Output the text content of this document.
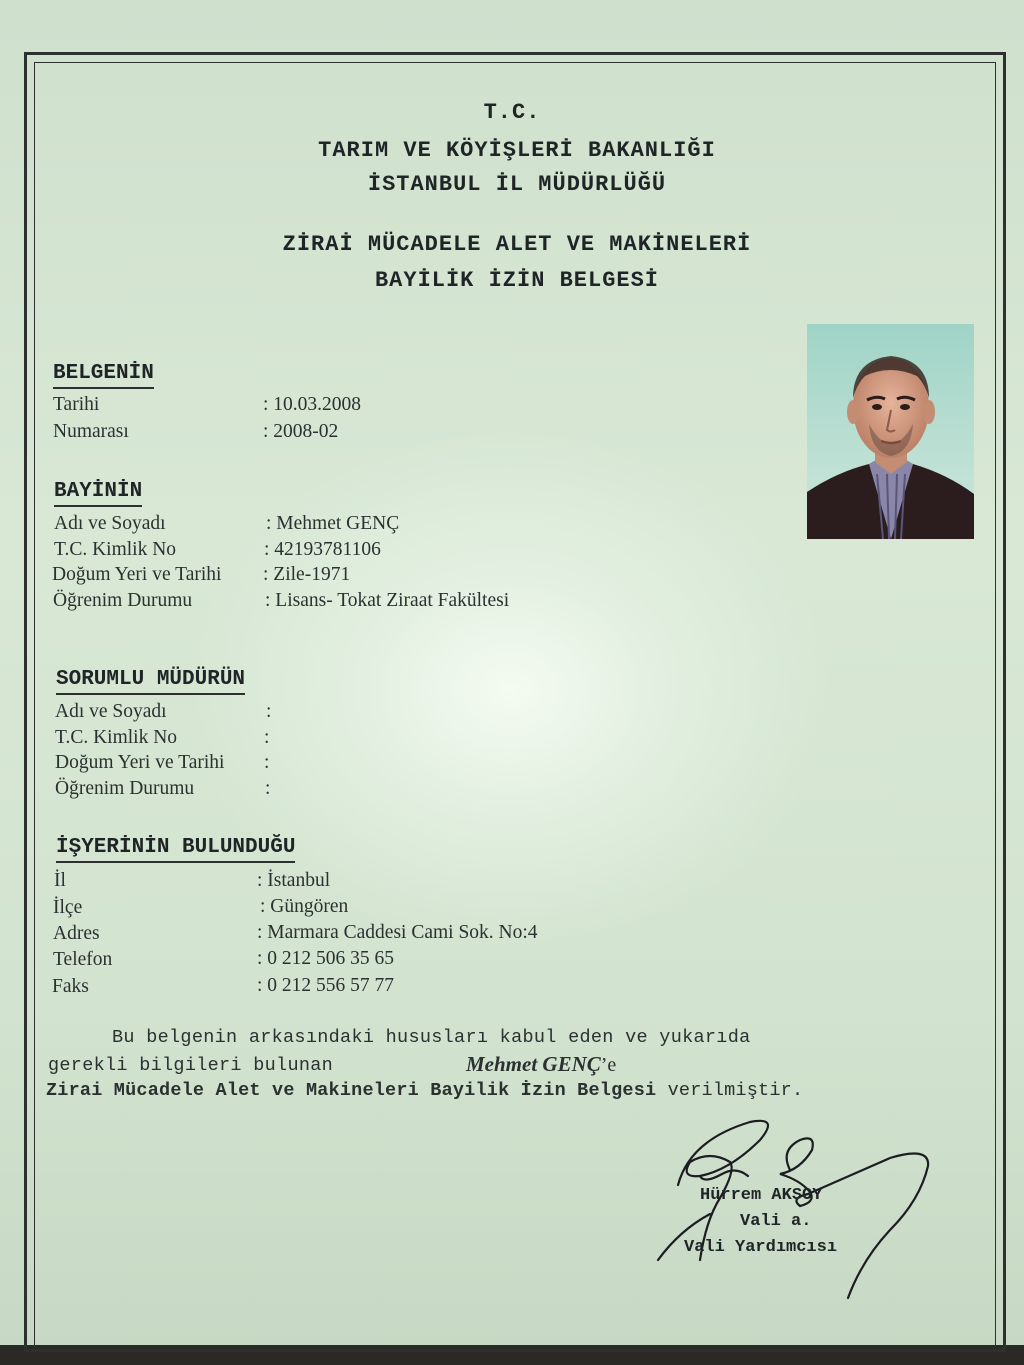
T.C.
TARIM VE KÖYİŞLERİ BAKANLIĞI
İSTANBUL İL MÜDÜRLÜĞÜ
ZİRAİ MÜCADELE ALET VE MAKİNELERİ
BAYİLİK İZİN BELGESİ
BELGENİN
Tarihi	: 10.03.2008
Numarası	: 2008-02
BAYİNİN
Adı ve Soyadı	: Mehmet GENÇ
T.C. Kimlik No	: 42193781106
Doğum Yeri ve Tarihi : Zile-1971
Öğrenim Durumu	: Lisans- Tokat Ziraat Fakültesi
SORUMLU MÜDÜRÜN
Adı ve Soyadı	:
T.C. Kimlik No	:
Doğum Yeri ve Tarihi :
Öğrenim Durumu	:
İŞYERİNİN BULUNDUĞU
İl	: İstanbul
İlçe	: Güngören
Adres	: Marmara Caddesi Cami Sok. No:4
Telefon	: 0 212 506 35 65
Faks	: 0 212 556 57 77
Bu belgenin arkasındaki hususları kabul eden ve yukarıda
gerekli bilgileri bulunan	Mehmet GENÇ’e
Zirai Mücadele Alet ve Makineleri Bayilik İzin Belgesi verilmiştir.
Hürrem AKSOY
Vali a.
Vali Yardımcısı
